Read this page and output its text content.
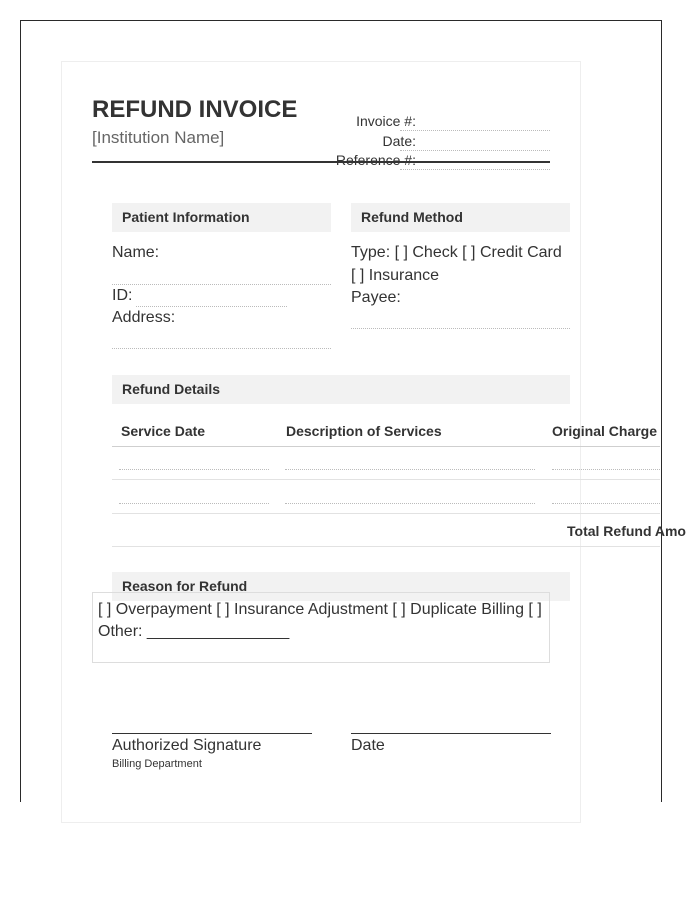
REFUND INVOICE
[Institution Name]
Invoice #:
Date:
Reference #:
Patient Information
Name:
ID:
Address:
Refund Method
Type: [ ] Check [ ] Credit Card
[ ] Insurance
Payee:
Refund Details
Service Date	Description of Services	Original Charge
Total Refund Amo
Reason for Refund
[ ] Overpayment [ ] Insurance Adjustment [ ] Duplicate Billing [ ]
Other: ________________
Authorized Signature
Billing Department
Date
